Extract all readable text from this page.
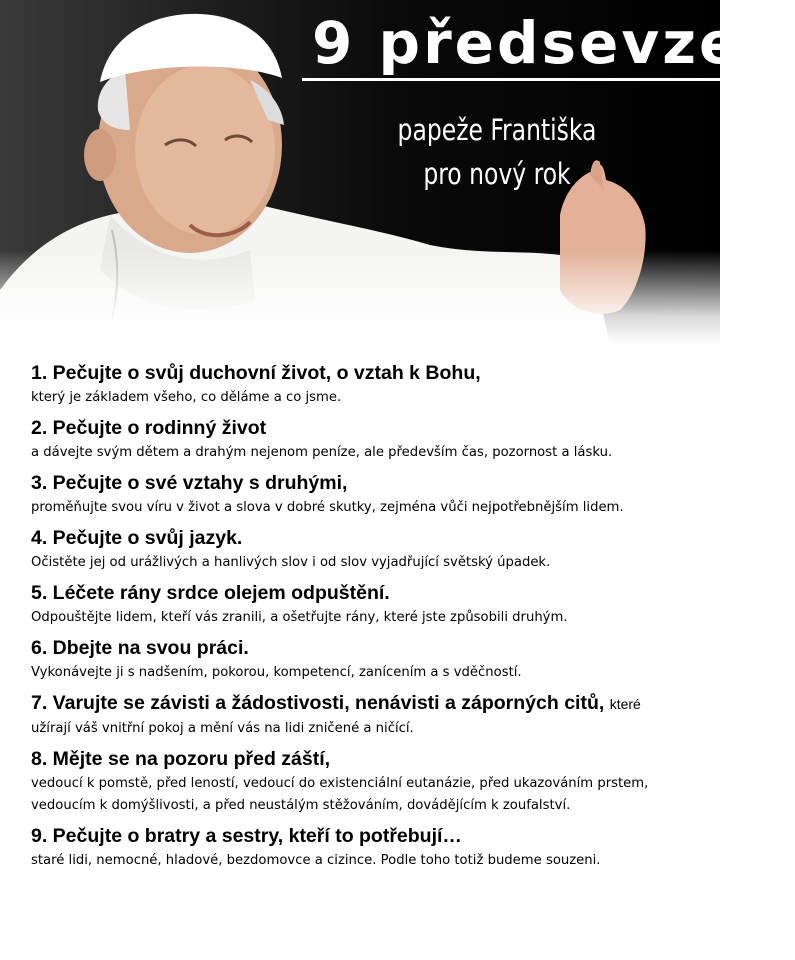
9 předsevzetí
papeže Františka
pro nový rok
1. Pečujte o svůj duchovní život, o vztah k Bohu,
který je základem všeho, co děláme a co jsme.
2. Pečujte o rodinný život
a dávejte svým dětem a drahým nejenom peníze, ale především čas, pozornost a lásku.
3. Pečujte o své vztahy s druhými,
proměňujte svou víru v život a slova v dobré skutky, zejména vůči nejpotřebnějším lidem.
4. Pečujte o svůj jazyk.
Očistěte jej od urážlivých a hanlivých slov i od slov vyjadřující světský úpadek.
5. Léčete rány srdce olejem odpuštění.
Odpouštějte lidem, kteří vás zranili, a ošetřujte rány, které jste způsobili druhým.
6. Dbejte na svou práci.
Vykonávejte ji s nadšením, pokorou, kompetencí, zanícením a s vděčností.
7. Varujte se závisti a žádostivosti, nenávisti a záporných citů, které
užírají váš vnitřní pokoj a mění vás na lidi zničené a ničící.
8. Mějte se na pozoru před záští,
vedoucí k pomstě, před leností, vedoucí do existenciální eutanázie, před ukazováním prstem,
vedoucím k domýšlivosti, a před neustálým stěžováním, dovádějícím k zoufalství.
9. Pečujte o bratry a sestry, kteří to potřebují…
staré lidi, nemocné, hladové, bezdomovce a cizince. Podle toho totiž budeme souzeni.
